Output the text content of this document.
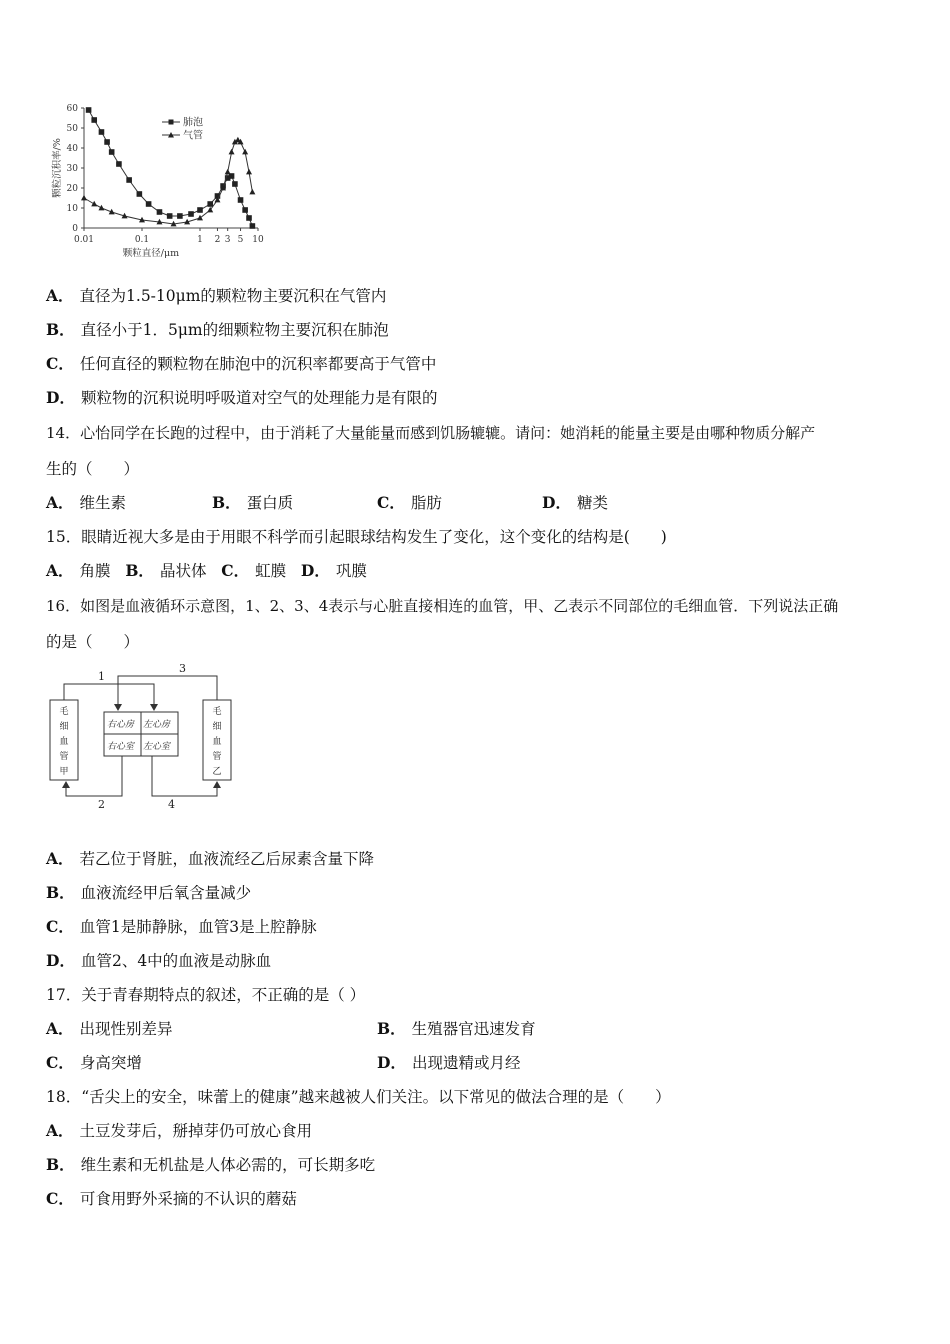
0
10
20
30
40
50
60
0.01	0.1	1 2 3 5 10
颗粒直径/μm
颗粒沉积率/%
肺泡
气管
A． 直径为1.5-10μm的颗粒物主要沉积在气管内
B． 直径小于1．5μm的细颗粒物主要沉积在肺泡
C． 任何直径的颗粒物在肺泡中的沉积率都要高于气管中
D． 颗粒物的沉积说明呼吸道对空气的处理能力是有限的
14．心怡同学在长跑的过程中，由于消耗了大量能量而感到饥肠辘辘。请问：她消耗的能量主要是由哪种物质分解产
生的（　　）
A． 维生素	B． 蛋白质	C． 脂肪	D． 糖类
15．眼睛近视大多是由于用眼不科学而引起眼球结构发生了变化，这个变化的结构是(　　)
A． 角膜 B． 晶状体 C． 虹膜 D． 巩膜
16．如图是血液循环示意图，1、2、3、4表示与心脏直接相连的血管，甲、乙表示不同部位的毛细血管．下列说法正确
的是（　　）
右心房 左心房
右心室 左心室
毛
细
血
管
甲
毛
细
血
管
乙
1
2
3
4
A． 若乙位于肾脏，血液流经乙后尿素含量下降
B． 血液流经甲后氧含量减少
C． 血管1是肺静脉，血管3是上腔静脉
D． 血管2、4中的血液是动脉血
17．关于青春期特点的叙述，不正确的是（ ）
A． 出现性别差异	B． 生殖器官迅速发育
C． 身高突增	D． 出现遗精或月经
18．“舌尖上的安全，味蕾上的健康”越来越被人们关注。以下常见的做法合理的是（　　）
A． 土豆发芽后，掰掉芽仍可放心食用
B． 维生素和无机盐是人体必需的，可长期多吃
C． 可食用野外采摘的不认识的蘑菇
